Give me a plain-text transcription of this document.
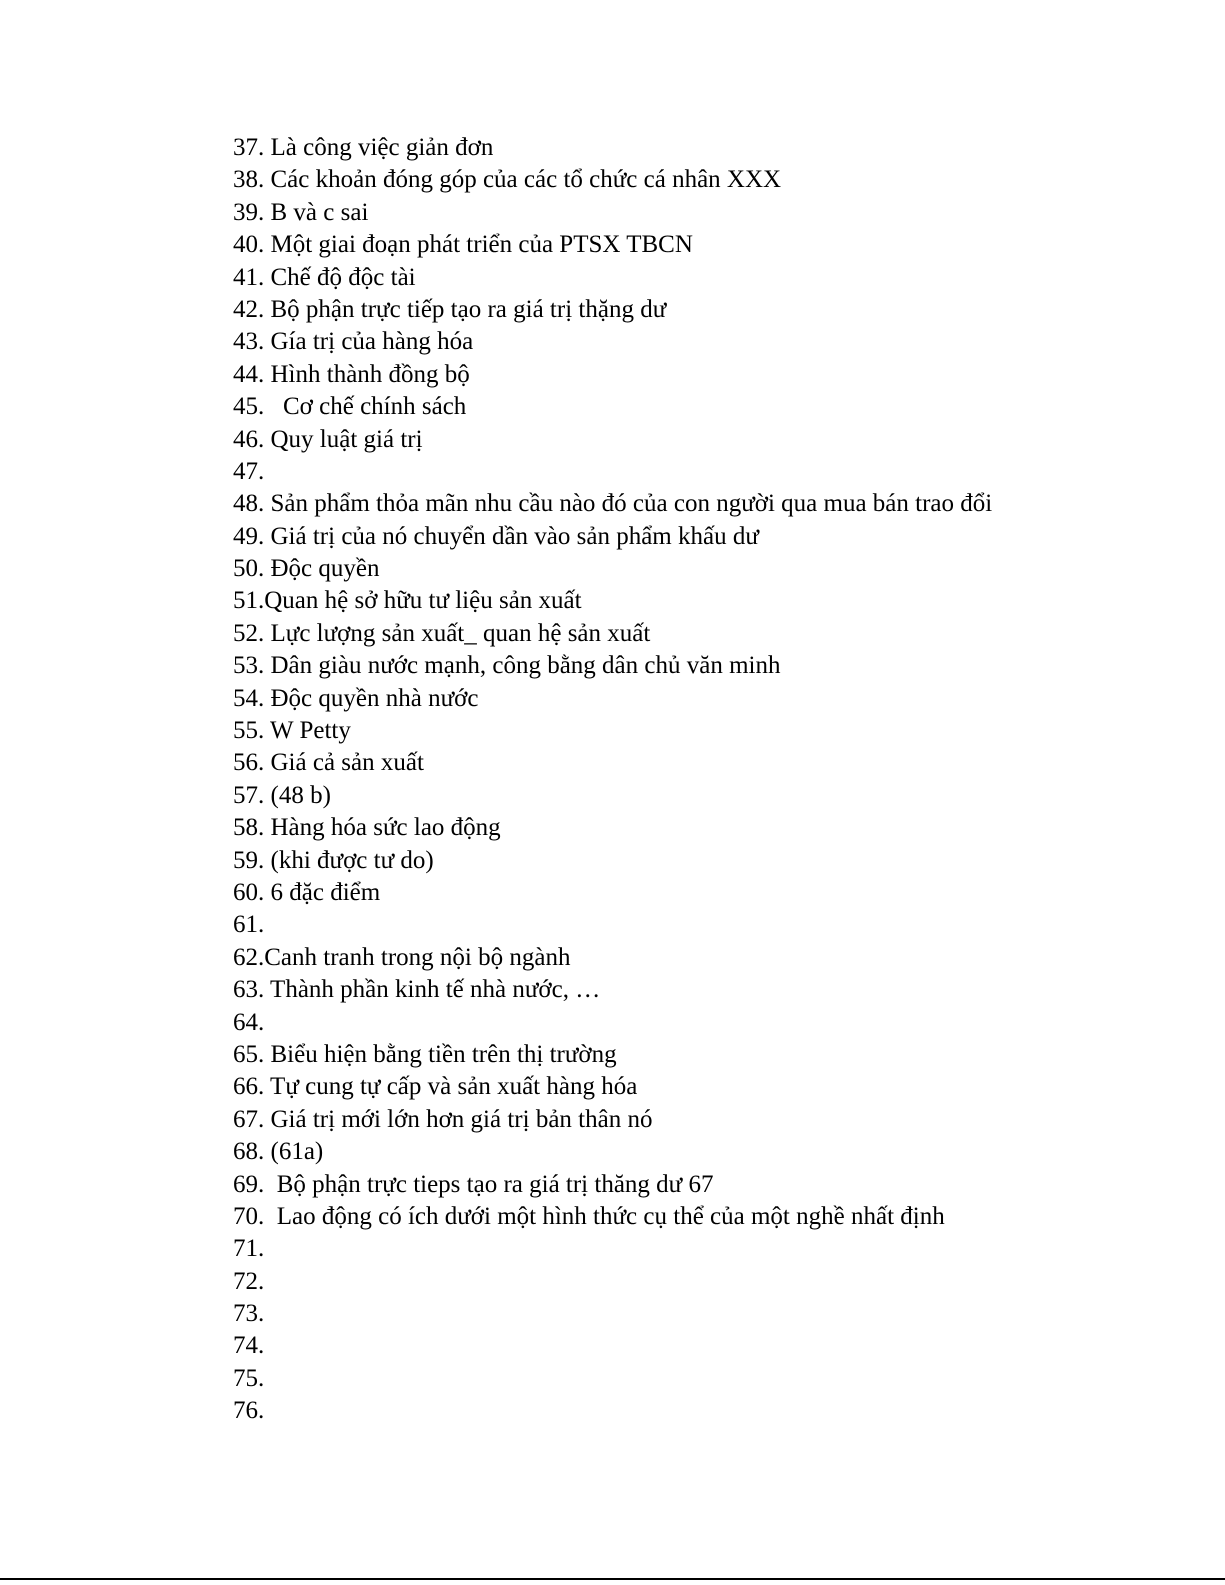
37. Là công việc giản đơn
38. Các khoản đóng góp của các tổ chức cá nhân XXX
39. B và c sai
40. Một giai đoạn phát triển của PTSX TBCN
41. Chế độ độc tài
42. Bộ phận trực tiếp tạo ra giá trị thặng dư
43. Gía trị của hàng hóa
44. Hình thành đồng bộ
45.   Cơ chế chính sách
46. Quy luật giá trị
47.
48. Sản phẩm thỏa mãn nhu cầu nào đó của con người qua mua bán trao đổi
49. Giá trị của nó chuyển dần vào sản phẩm khấu dư
50. Độc quyền
51.Quan hệ sở hữu tư liệu sản xuất
52. Lực lượng sản xuất_ quan hệ sản xuất
53. Dân giàu nước mạnh, công bằng dân chủ văn minh
54. Độc quyền nhà nước
55. W Petty
56. Giá cả sản xuất
57. (48 b)
58. Hàng hóa sức lao động
59. (khi được tư do)
60. 6 đặc điểm
61.
62.Canh tranh trong nội bộ ngành
63. Thành phần kinh tế nhà nước, …
64.
65. Biểu hiện bằng tiền trên thị trường
66. Tự cung tự cấp và sản xuất hàng hóa
67. Giá trị mới lớn hơn giá trị bản thân nó
68. (61a)
69.  Bộ phận trực tieps tạo ra giá trị thăng dư 67
70.  Lao động có ích dưới một hình thức cụ thể của một nghề nhất định
71.
72.
73.
74.
75.
76.
